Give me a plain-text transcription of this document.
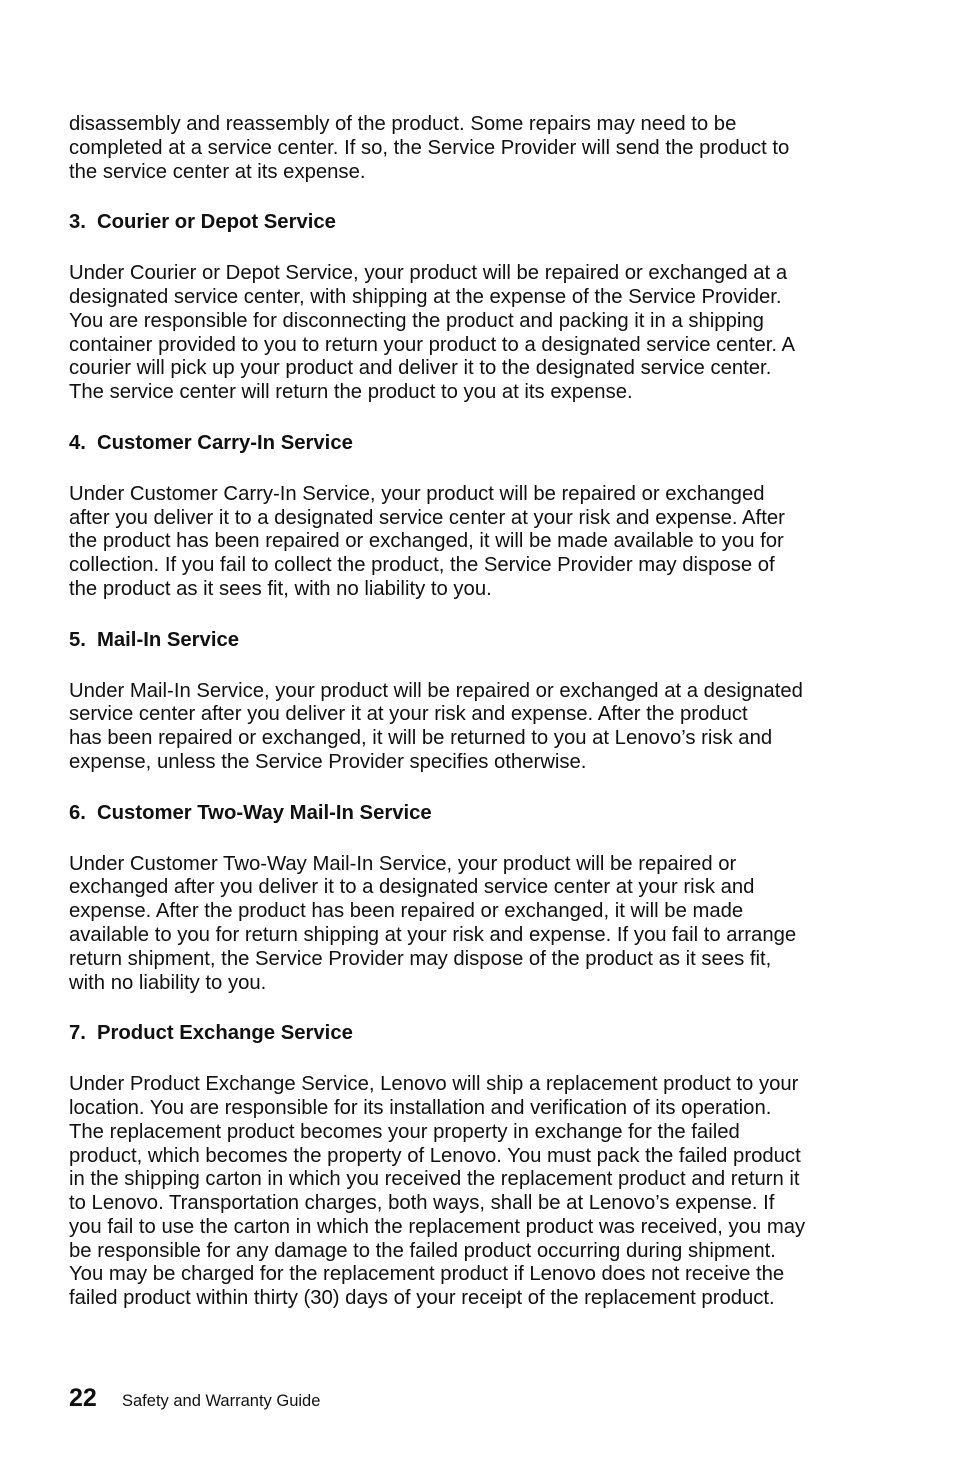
disassembly and reassembly of the product. Some repairs may need to be
completed at a service center. If so, the Service Provider will send the product to
the service center at its expense.

3. Courier or Depot Service

Under Courier or Depot Service, your product will be repaired or exchanged at a
designated service center, with shipping at the expense of the Service Provider.
You are responsible for disconnecting the product and packing it in a shipping
container provided to you to return your product to a designated service center. A
courier will pick up your product and deliver it to the designated service center.
The service center will return the product to you at its expense.

4. Customer Carry-In Service

Under Customer Carry-In Service, your product will be repaired or exchanged
after you deliver it to a designated service center at your risk and expense. After
the product has been repaired or exchanged, it will be made available to you for
collection. If you fail to collect the product, the Service Provider may dispose of
the product as it sees fit, with no liability to you.

5. Mail-In Service

Under Mail-In Service, your product will be repaired or exchanged at a designated
service center after you deliver it at your risk and expense. After the product
has been repaired or exchanged, it will be returned to you at Lenovo’s risk and
expense, unless the Service Provider specifies otherwise.

6. Customer Two-Way Mail-In Service

Under Customer Two-Way Mail-In Service, your product will be repaired or
exchanged after you deliver it to a designated service center at your risk and
expense. After the product has been repaired or exchanged, it will be made
available to you for return shipping at your risk and expense. If you fail to arrange
return shipment, the Service Provider may dispose of the product as it sees fit,
with no liability to you.

7. Product Exchange Service

Under Product Exchange Service, Lenovo will ship a replacement product to your
location. You are responsible for its installation and verification of its operation.
The replacement product becomes your property in exchange for the failed
product, which becomes the property of Lenovo. You must pack the failed product
in the shipping carton in which you received the replacement product and return it
to Lenovo. Transportation charges, both ways, shall be at Lenovo’s expense. If
you fail to use the carton in which the replacement product was received, you may
be responsible for any damage to the failed product occurring during shipment.
You may be charged for the replacement product if Lenovo does not receive the
failed product within thirty (30) days of your receipt of the replacement product.

22	Safety and Warranty Guide
